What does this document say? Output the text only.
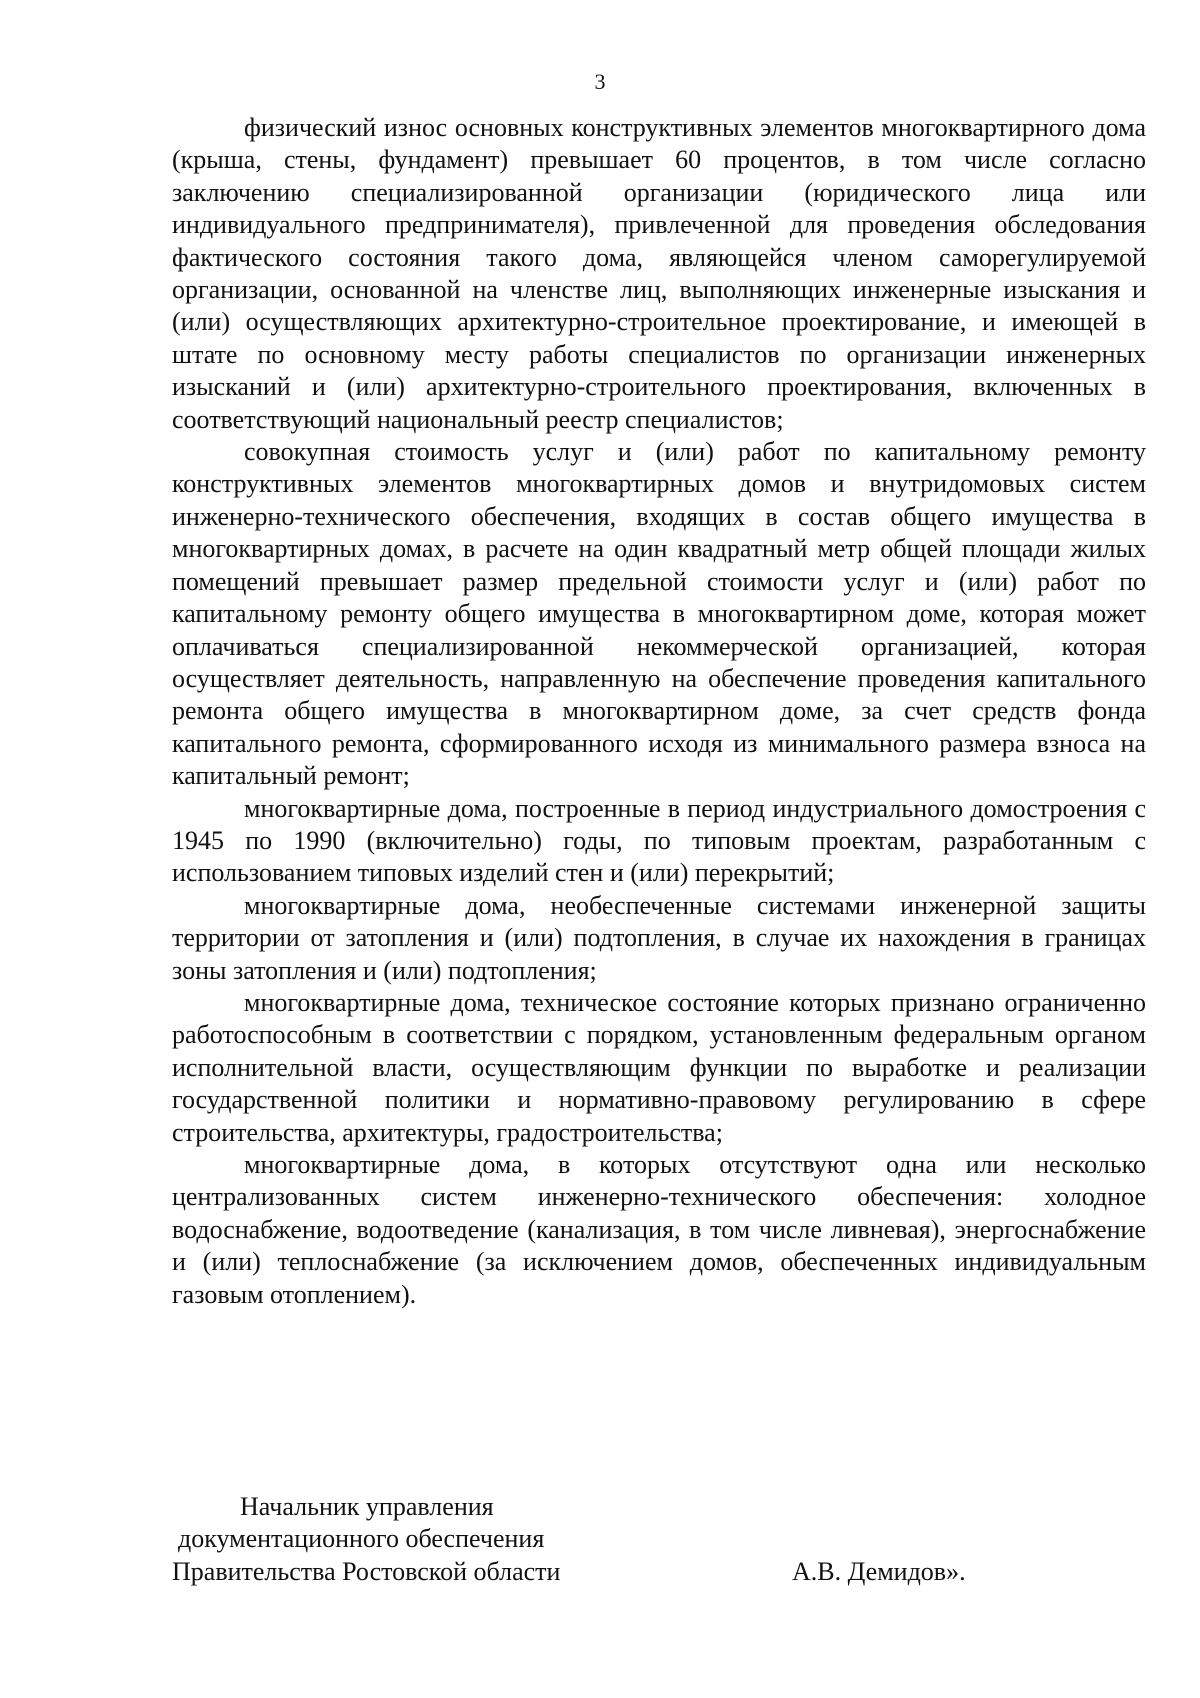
3

физический износ основных конструктивных элементов многоквартирного дома (крыша, стены, фундамент) превышает 60 процентов, в том числе согласно заключению специализированной организации (юридического лица или индивидуального предпринимателя), привлеченной для проведения обследования фактического состояния такого дома, являющейся членом саморегулируемой организации, основанной на членстве лиц, выполняющих инженерные изыскания и (или) осуществляющих архитектурно-строительное проектирование, и имеющей в штате по основному месту работы специалистов по организации инженерных изысканий и (или) архитектурно-строительного проектирования, включенных в соответствующий национальный реестр специалистов;

совокупная стоимость услуг и (или) работ по капитальному ремонту конструктивных элементов многоквартирных домов и внутридомовых систем инженерно-технического обеспечения, входящих в состав общего имущества в многоквартирных домах, в расчете на один квадратный метр общей площади жилых помещений превышает размер предельной стоимости услуг и (или) работ по капитальному ремонту общего имущества в многоквартирном доме, которая может оплачиваться специализированной некоммерческой организацией, которая осуществляет деятельность, направленную на обеспечение проведения капитального ремонта общего имущества в многоквартирном доме, за счет средств фонда капитального ремонта, сформированного исходя из минимального размера взноса на капитальный ремонт;

многоквартирные дома, построенные в период индустриального домостроения с 1945 по 1990 (включительно) годы, по типовым проектам, разработанным с использованием типовых изделий стен и (или) перекрытий;

многоквартирные дома, необеспеченные системами инженерной защиты территории от затопления и (или) подтопления, в случае их нахождения в границах зоны затопления и (или) подтопления;

многоквартирные дома, техническое состояние которых признано ограниченно работоспособным в соответствии с порядком, установленным федеральным органом исполнительной власти, осуществляющим функции по выработке и реализации государственной политики и нормативно-правовому регулированию в сфере строительства, архитектуры, градостроительства;

многоквартирные дома, в которых отсутствуют одна или несколько централизованных систем инженерно-технического обеспечения: холодное водоснабжение, водоотведение (канализация, в том числе ливневая), энергоснабжение и (или) теплоснабжение (за исключением домов, обеспеченных индивидуальным газовым отоплением).

Начальник управления
документационного обеспечения
Правительства Ростовской области	А.В. Демидов».
